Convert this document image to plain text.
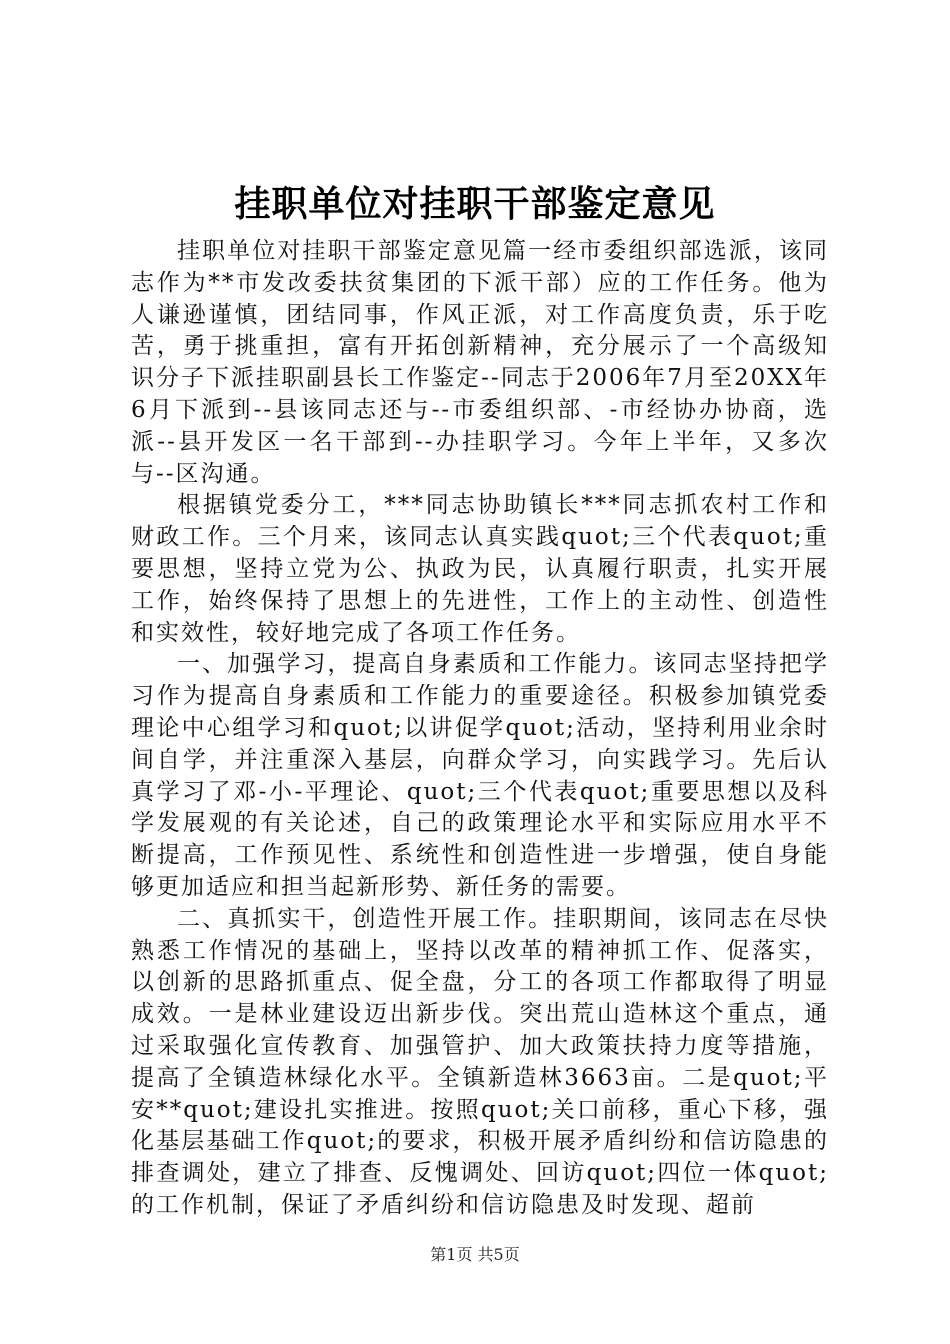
挂职单位对挂职干部鉴定意见

挂职单位对挂职干部鉴定意见篇一经市委组织部选派，该同志作为**市发改委扶贫集团的下派干部）应的工作任务。他为人谦逊谨慎，团结同事，作风正派，对工作高度负责，乐于吃苦，勇于挑重担，富有开拓创新精神，充分展示了一个高级知识分子下派挂职副县长工作鉴定--同志于2006年7月至20XX年6月下派到--县该同志还与--市委组织部、-市经协办协商，选派--县开发区一名干部到--办挂职学习。今年上半年，又多次与--区沟通。

根据镇党委分工，***同志协助镇长***同志抓农村工作和财政工作。三个月来，该同志认真实践quot;三个代表quot;重要思想，坚持立党为公、执政为民，认真履行职责，扎实开展工作，始终保持了思想上的先进性，工作上的主动性、创造性和实效性，较好地完成了各项工作任务。

一、加强学习，提高自身素质和工作能力。该同志坚持把学习作为提高自身素质和工作能力的重要途径。积极参加镇党委理论中心组学习和quot;以讲促学quot;活动，坚持利用业余时间自学，并注重深入基层，向群众学习，向实践学习。先后认真学习了邓-小-平理论、quot;三个代表quot;重要思想以及科学发展观的有关论述，自己的政策理论水平和实际应用水平不断提高，工作预见性、系统性和创造性进一步增强，使自身能够更加适应和担当起新形势、新任务的需要。

二、真抓实干，创造性开展工作。挂职期间，该同志在尽快熟悉工作情况的基础上，坚持以改革的精神抓工作、促落实，以创新的思路抓重点、促全盘，分工的各项工作都取得了明显成效。一是林业建设迈出新步伐。突出荒山造林这个重点，通过采取强化宣传教育、加强管护、加大政策扶持力度等措施，提高了全镇造林绿化水平。全镇新造林3663亩。二是quot;平安**quot;建设扎实推进。按照quot;关口前移，重心下移，强化基层基础工作quot;的要求，积极开展矛盾纠纷和信访隐患的排查调处，建立了排查、反愧调处、回访quot;四位一体quot;的工作机制，保证了矛盾纠纷和信访隐患及时发现、超前

第1页 共5页
